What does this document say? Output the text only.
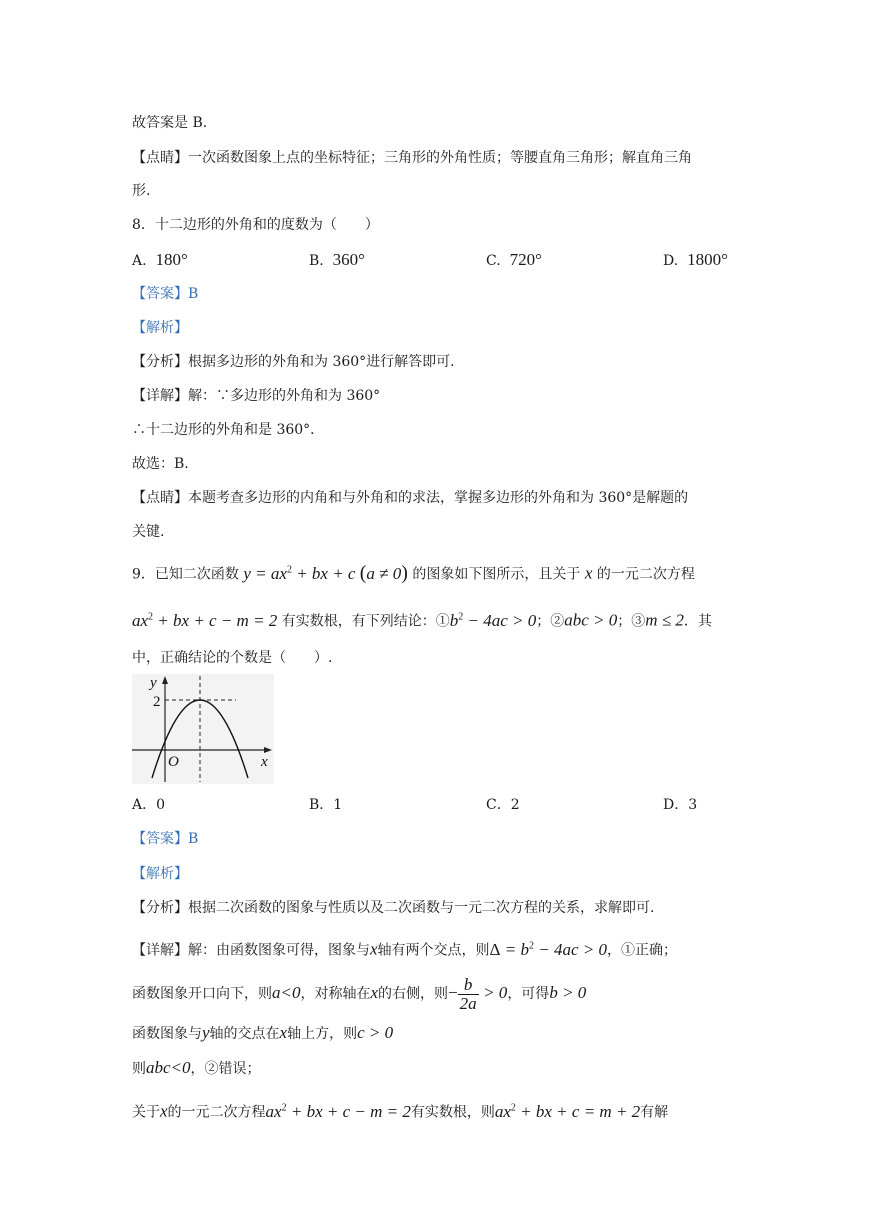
故答案是 B.
【点睛】一次函数图象上点的坐标特征；三角形的外角性质；等腰直角三角形；解直角三角
形.
8．十二边形的外角和的度数为（　　）
A. 180°	B. 360°	C. 720°	D. 1800°
【答案】B
【解析】
【分析】根据多边形的外角和为 360°进行解答即可.
【详解】解：∵多边形的外角和为 360°
∴十二边形的外角和是 360°．
故选：B.
【点睛】本题考查多边形的内角和与外角和的求法，掌握多边形的外角和为 360°是解题的
关键.
9．已知二次函数 $y = ax^2$ + bx + c (a ≠ 0) 的图象如下图所示，且关于 x 的一元二次方程
$ax^2$ + bx + c − m = 2 有实数根，有下列结论：$①b^2 - 4ac > 0$；②abc > 0；③m ≤ 2．其
中，正确结论的个数是（　　）.
y
x
O
2
A．0	B．1	C．2	D．3
【答案】B
【解析】
【分析】根据二次函数的图象与性质以及二次函数与一元二次方程的关系，求解即可.
【详解】解：由函数图象可得，图象与x轴有两个交点，则$\Delta = b^2 - 4ac > 0$，①正确；
函数图象开口向下，则a<0，对称轴在x的右侧，则− $\frac{b}{2a} > 0$，可得b > 0
函数图象与y轴的交点在x轴上方，则c > 0
则abc<0，②错误；
关于x的一元二次方程$ax^2$ + bx + c − m = 2有实数根，则$ax^2$ + bx + c = m + 2有解
